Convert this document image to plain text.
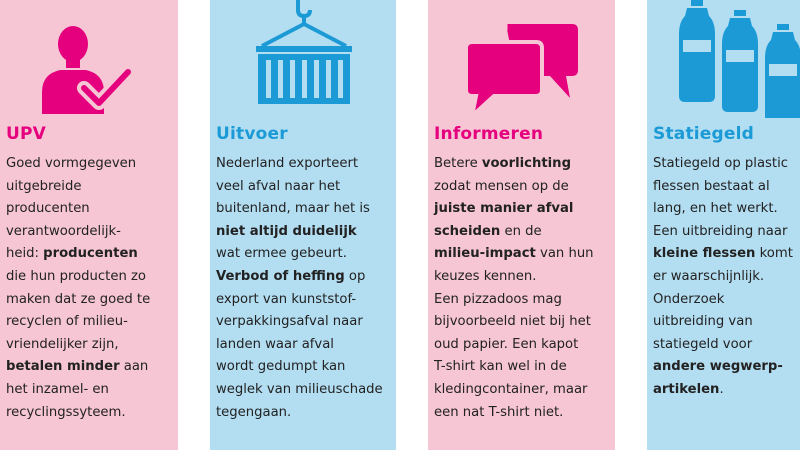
UPV
Goed vormgegeven
uitgebreide
producenten
verantwoordelijk-
heid: producenten
die hun producten zo
maken dat ze goed te
recyclen of milieu-
vriendelijker zijn,
betalen minder aan
het inzamel- en
recyclingssyteem.
Uitvoer
Nederland exporteert
veel afval naar het
buitenland, maar het is
niet altijd duidelijk
wat ermee gebeurt.
Verbod of heffing op
export van kunststof-
verpakkingsafval naar
landen waar afval
wordt gedumpt kan
weglek van milieuschade
tegengaan.
Informeren
Betere voorlichting
zodat mensen op de
juiste manier afval
scheiden en de
milieu-impact van hun
keuzes kennen.
Een pizzadoos mag
bijvoorbeeld niet bij het
oud papier. Een kapot
T-shirt kan wel in de
kledingcontainer, maar
een nat T-shirt niet.
Statiegeld
Statiegeld op plastic
flessen bestaat al
lang, en het werkt.
Een uitbreiding naar
kleine flessen komt
er waarschijnlijk.
Onderzoek
uitbreiding van
statiegeld voor
andere wegwerp-
artikelen.
